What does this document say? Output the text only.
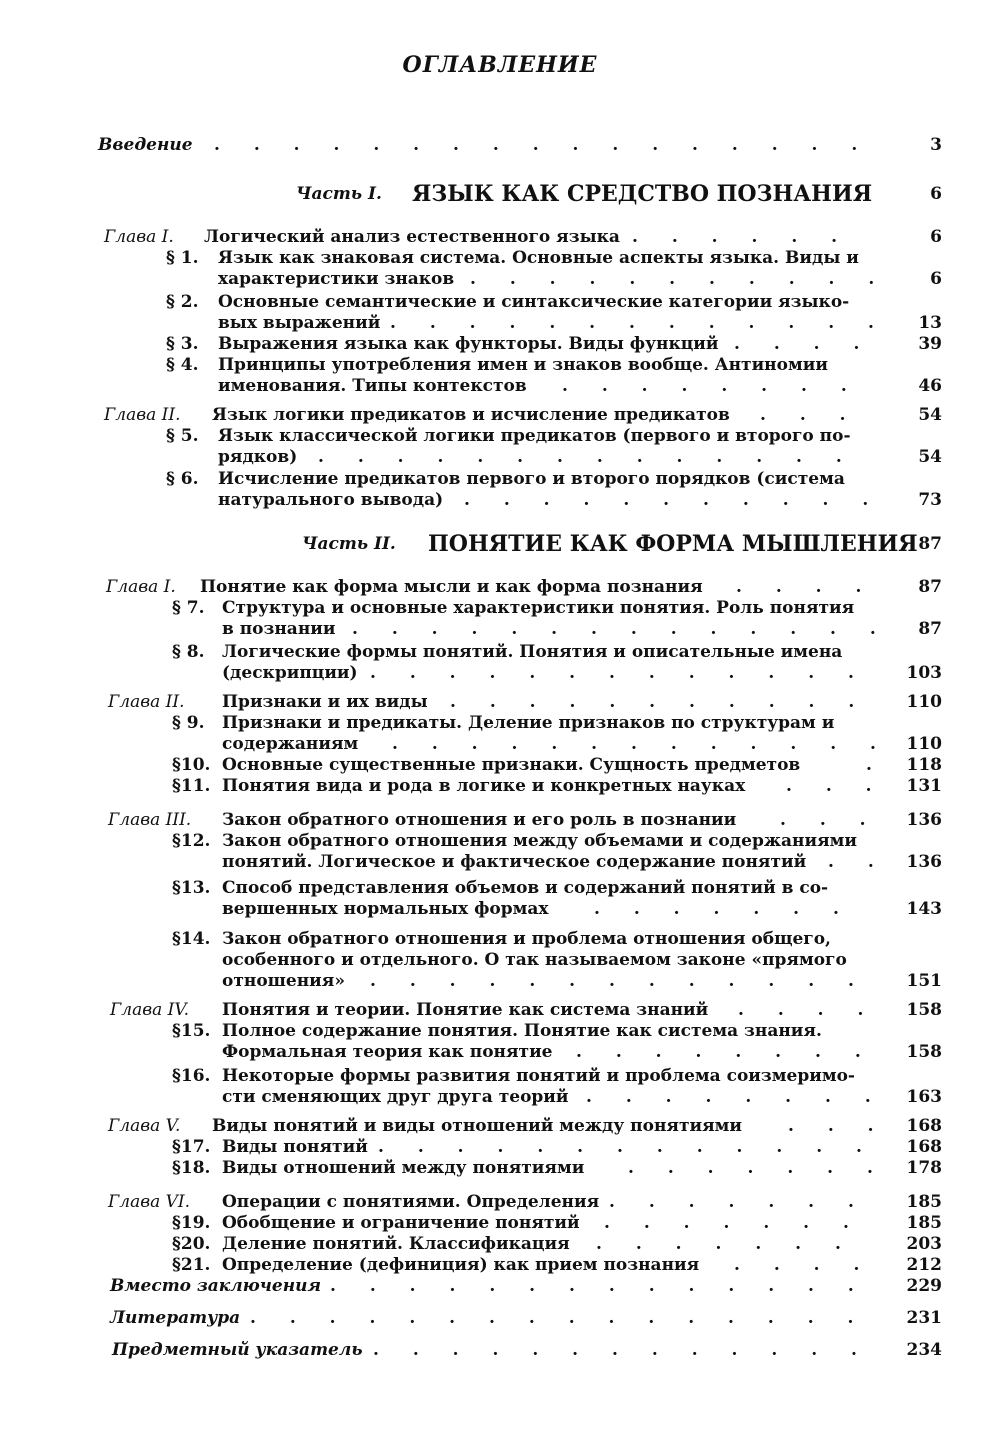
ОГЛАВЛЕНИЕ
Введение . . . . . . . . . . . . . . . . .	3
Часть I. ЯЗЫК КАК СРЕДСТВО ПОЗНАНИЯ	6
Глава I. Логический анализ естественного языка . . . . . .	6
§ 1. Язык как знаковая система. Основные аспекты языка. Виды и
характеристики знаков . . . . . . . . . . . 6
§ 2. Основные семантические и синтаксические категории языко-
вых выражений . . . . . . . . . . . . . 13
§ 3. Выражения языка как функторы. Виды функций . . . .	39
§ 4. Принципы употребления имен и знаков вообще. Антиномии
именования. Типы контекстов . . . . . . . .	46
Глава II. Язык логики предикатов и исчисление предикатов . . .	54
§ 5. Язык классической логики предикатов (первого и второго по-
рядков) . . . . . . . . . . . . . .	54
§ 6. Исчисление предикатов первого и второго порядков (система
натурального вывода) . . . . . . . . . . . 73
Часть II. ПОНЯТИЕ КАК ФОРМА МЫШЛЕНИЯ 87
Глава I. Понятие как форма мысли и как форма познания . . . .	87
§ 7. Структура и основные характеристики понятия. Роль понятия
в познании . . . . . . . . . . . . . . 87
§ 8. Логические формы понятий. Понятия и описательные имена
(дескрипции) . . . . . . . . . . . . . 103
Глава II. Признаки и их виды . . . . . . . . . . . 110
§ 9. Признаки и предикаты. Деление признаков по структурам и
содержаниям . . . . . . . . . . . . . 110
§10. Основные существенные признаки. Сущность предметов	. 118
§11. Понятия вида и рода в логике и конкретных науках . . . 131
Глава III. Закон обратного отношения и его роль в познании	. . . 136
§12. Закон обратного отношения между объемами и содержаниями
понятий. Логическое и фактическое содержание понятий . . 136
§13. Способ представления объемов и содержаний понятий в со-
вершенных нормальных формах	. . . . . . .	143
§14. Закон обратного отношения и проблема отношения общего,
особенного и отдельного. О так называемом законе «прямого
отношения» . . . . . . . . . . . . . 151
Глава IV. Понятия и теории. Понятие как система знаний . . . . 158
§15. Полное содержание понятия. Понятие как система знания.
Формальная теория как понятие . . . . . . . . 158
§16. Некоторые формы развития понятий и проблема соизмеримо-
сти сменяющих друг друга теорий . . . . . . . . 163
Глава V. Виды понятий и виды отношений между понятиями	. . . 168
§17. Виды понятий . . . . . . . . . . . . . 168
§18. Виды отношений между понятиями	. . . . . . . 178
Глава VI. Операции с понятиями. Определения . . . . . . . 185
§19. Обобщение и ограничение понятий . . . . . . .	185
§20. Деление понятий. Классификация . . . . . . .	203
§21. Определение (дефиниция) как прием познания . . . . 212
Вместо заключения . . . . . . . . . . . . . . 229
Литература . . . . . . . . . . . . . . . . 231
Предметный указатель . . . . . . . . . . . . . 234
